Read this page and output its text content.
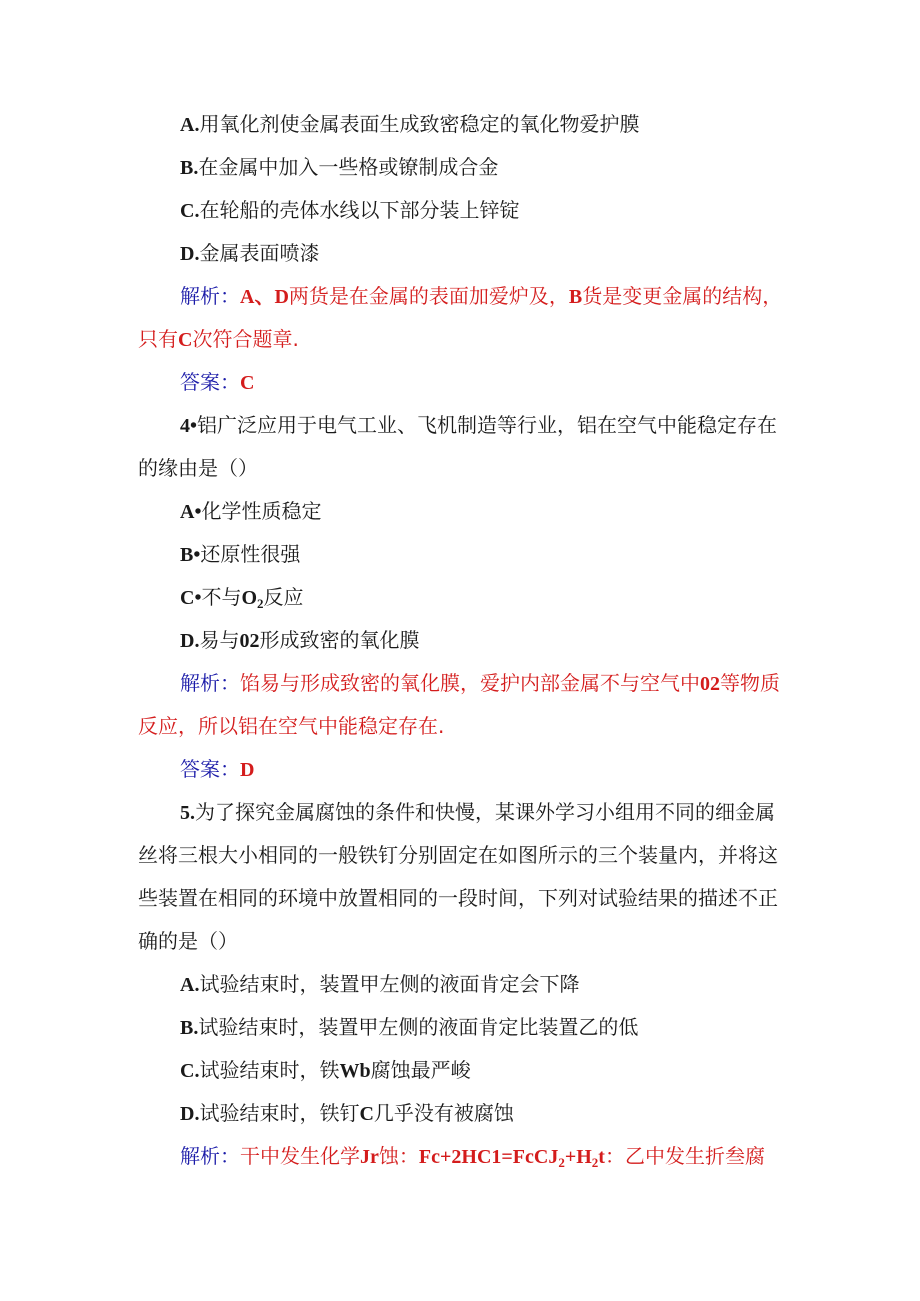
A.用氧化剂使金属表面生成致密稳定的氧化物爱护膜
B.在金属中加入一些格或镣制成合金
C.在轮船的壳体水线以下部分装上锌锭
D.金属表面喷漆
解析：A、D两货是在金属的表面加爱炉及，B货是变更金属的结构，
只有C次符合题章.
答案：C
4•铝广泛应用于电气工业、飞机制造等行业，铝在空气中能稳定存在
的缘由是（）
A•化学性质稳定
B•还原性很强
C•不与$O_2$反应
D.易与02形成致密的氧化膜
解析：馅易与形成致密的氧化膜，爱护内部金属不与空气中02等物质
反应，所以铝在空气中能稳定存在.
答案：D
5.为了探究金属腐蚀的条件和快慢，某课外学习小组用不同的细金属
丝将三根大小相同的一般铁钉分别固定在如图所示的三个装量内，并将这
些装置在相同的环境中放置相同的一段时间，下列对试验结果的描述不正
确的是（）
A.试验结束时，装置甲左侧的液面肯定会下降
B.试验结束时，装置甲左侧的液面肯定比装置乙的低
C.试验结束时，铁Wb腐蚀最严峻
D.试验结束时，铁钉C几乎没有被腐蚀
解析：干中发生化学Jr蚀：$Fc+2HC1=FcCJ_2+H_2t$：乙中发生折叁腐
